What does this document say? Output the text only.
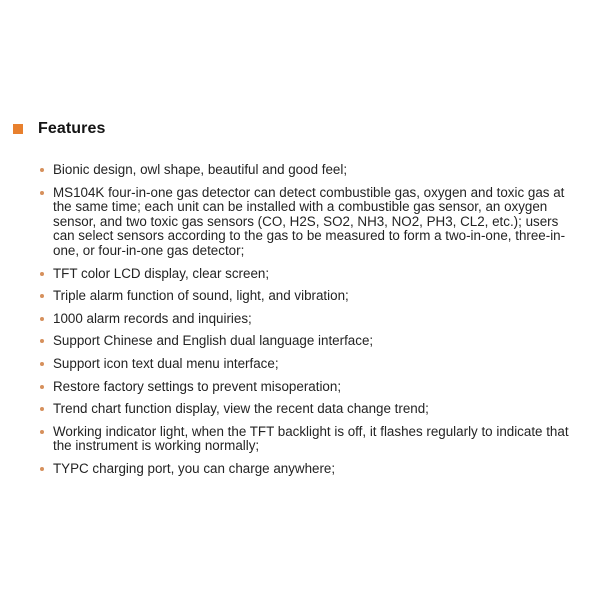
Features
Bionic design, owl shape, beautiful and good feel;
MS104K four-in-one gas detector can detect combustible gas, oxygen and toxic gas at the same time; each unit can be installed with a combustible gas sensor, an oxygen sensor, and two toxic gas sensors (CO, H2S, SO2, NH3, NO2, PH3, CL2, etc.); users can select sensors according to the gas to be measured to form a two-in-one, three-in-one, or four-in-one gas detector;
TFT color LCD display, clear screen;
Triple alarm function of sound, light, and vibration;
1000 alarm records and inquiries;
Support Chinese and English dual language interface;
Support icon text dual menu interface;
Restore factory settings to prevent misoperation;
Trend chart function display, view the recent data change trend;
Working indicator light, when the TFT backlight is off, it flashes regularly to indicate that the instrument is working normally;
TYPC charging port, you can charge anywhere;
